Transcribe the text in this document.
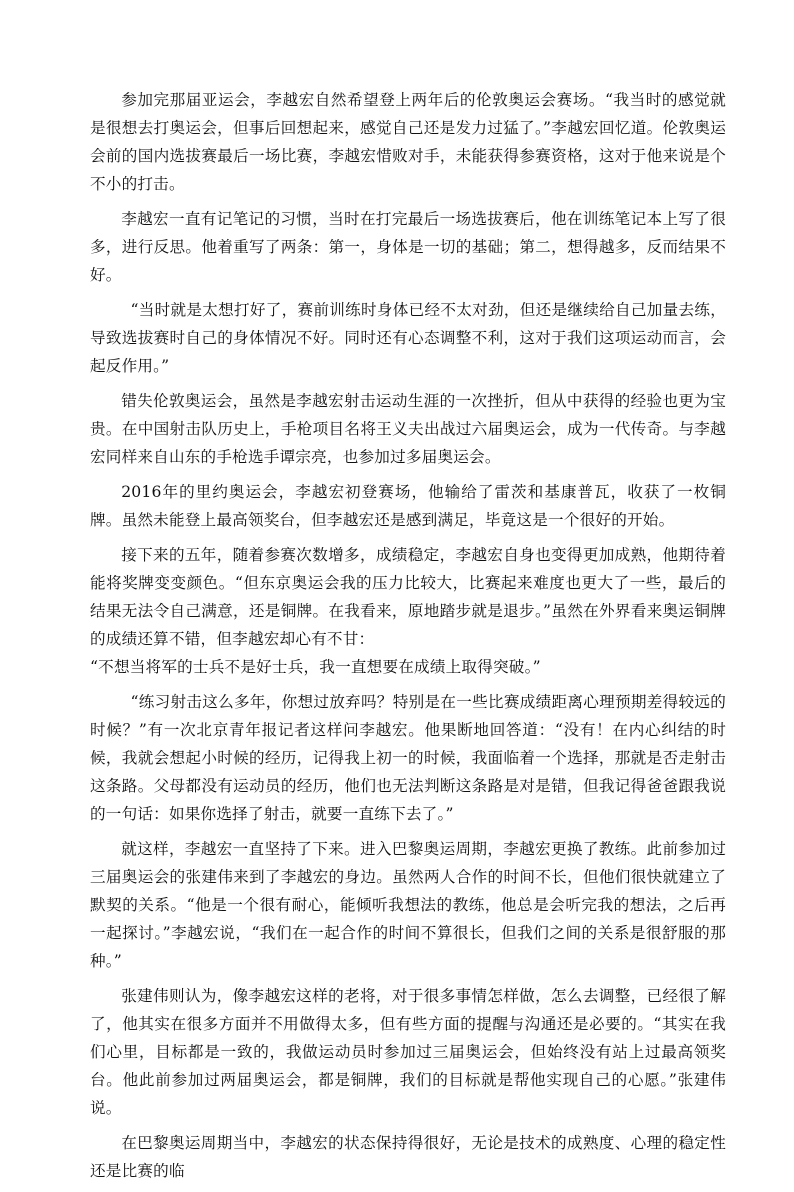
参加完那届亚运会，李越宏自然希望登上两年后的伦敦奥运会赛场。“我当时的感觉就是很想去打奥运会，但事后回想起来，感觉自己还是发力过猛了。”李越宏回忆道。伦敦奥运会前的国内选拔赛最后一场比赛，李越宏惜败对手，未能获得参赛资格，这对于他来说是个不小的打击。

李越宏一直有记笔记的习惯，当时在打完最后一场选拔赛后，他在训练笔记本上写了很多，进行反思。他着重写了两条：第一，身体是一切的基础；第二，想得越多，反而结果不好。

“当时就是太想打好了，赛前训练时身体已经不太对劲，但还是继续给自己加量去练，导致选拔赛时自己的身体情况不好。同时还有心态调整不利，这对于我们这项运动而言，会起反作用。”

错失伦敦奥运会，虽然是李越宏射击运动生涯的一次挫折，但从中获得的经验也更为宝贵。在中国射击队历史上，手枪项目名将王义夫出战过六届奥运会，成为一代传奇。与李越宏同样来自山东的手枪选手谭宗亮，也参加过多届奥运会。

2016年的里约奥运会，李越宏初登赛场，他输给了雷茨和基康普瓦，收获了一枚铜牌。虽然未能登上最高领奖台，但李越宏还是感到满足，毕竟这是一个很好的开始。

接下来的五年，随着参赛次数增多，成绩稳定，李越宏自身也变得更加成熟，他期待着能将奖牌变变颜色。“但东京奥运会我的压力比较大，比赛起来难度也更大了一些，最后的结果无法令自己满意，还是铜牌。在我看来，原地踏步就是退步。”虽然在外界看来奥运铜牌的成绩还算不错，但李越宏却心有不甘：

“不想当将军的士兵不是好士兵，我一直想要在成绩上取得突破。”

“练习射击这么多年，你想过放弃吗？特别是在一些比赛成绩距离心理预期差得较远的时候？”有一次北京青年报记者这样问李越宏。他果断地回答道：“没有！在内心纠结的时候，我就会想起小时候的经历，记得我上初一的时候，我面临着一个选择，那就是否走射击这条路。父母都没有运动员的经历，他们也无法判断这条路是对是错，但我记得爸爸跟我说的一句话：如果你选择了射击，就要一直练下去了。”

就这样，李越宏一直坚持了下来。进入巴黎奥运周期，李越宏更换了教练。此前参加过三届奥运会的张建伟来到了李越宏的身边。虽然两人合作的时间不长，但他们很快就建立了默契的关系。“他是一个很有耐心，能倾听我想法的教练，他总是会听完我的想法，之后再一起探讨。”李越宏说，“我们在一起合作的时间不算很长，但我们之间的关系是很舒服的那种。”

张建伟则认为，像李越宏这样的老将，对于很多事情怎样做，怎么去调整，已经很了解了，他其实在很多方面并不用做得太多，但有些方面的提醒与沟通还是必要的。“其实在我们心里，目标都是一致的，我做运动员时参加过三届奥运会，但始终没有站上过最高领奖台。他此前参加过两届奥运会，都是铜牌，我们的目标就是帮他实现自己的心愿。”张建伟说。

在巴黎奥运周期当中，李越宏的状态保持得很好，无论是技术的成熟度、心理的稳定性还是比赛的临
